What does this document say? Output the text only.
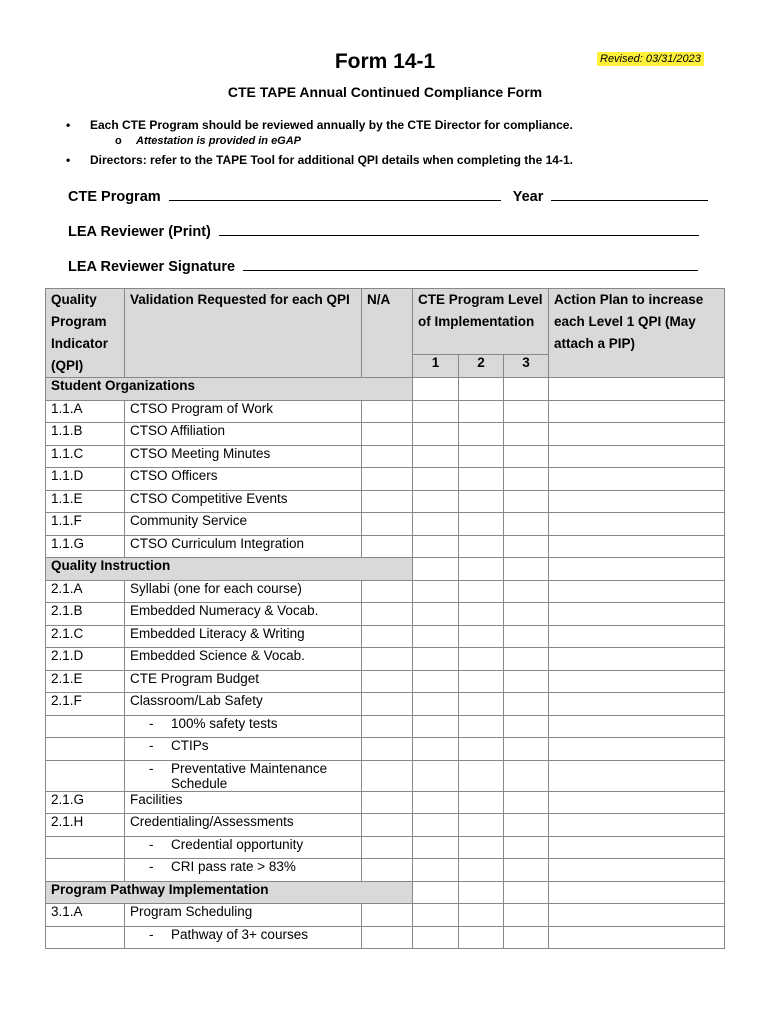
Form 14-1	Revised: 03/31/2023
CTE TAPE Annual Continued Compliance Form
• Each CTE Program should be reviewed annually by the CTE Director for compliance.
o Attestation is provided in eGAP
• Directors: refer to the TAPE Tool for additional QPI details when completing the 14-1.
CTE Program	Year
LEA Reviewer (Print)
LEA Reviewer Signature
Quality Program Indicator (QPI)	Validation Requested for each QPI	N/A	CTE Program Level of Implementation			Action Plan to increase each Level 1 QPI (May attach a PIP)
			1	2	3	
Student Organizations						
1.1.A	CTSO Program of Work					
1.1.B	CTSO Affiliation					
1.1.C	CTSO Meeting Minutes					
1.1.D	CTSO Officers					
1.1.E	CTSO Competitive Events					
1.1.F	Community Service					
1.1.G	CTSO Curriculum Integration					
Quality Instruction						
2.1.A	Syllabi (one for each course)					
2.1.B	Embedded Numeracy & Vocab.					
2.1.C	Embedded Literacy & Writing					
2.1.D	Embedded Science & Vocab.					
2.1.E	CTE Program Budget					
2.1.F	Classroom/Lab Safety					
	- 100% safety tests					
	- CTIPs					

	- Preventative Maintenance Schedule					
2.1.G	Facilities					
2.1.H	Credentialing/Assessments					
	- Credential opportunity					
	- CRI pass rate > 83%					
Program Pathway Implementation						
3.1.A	Program Scheduling					
	- Pathway of 3+ courses					
